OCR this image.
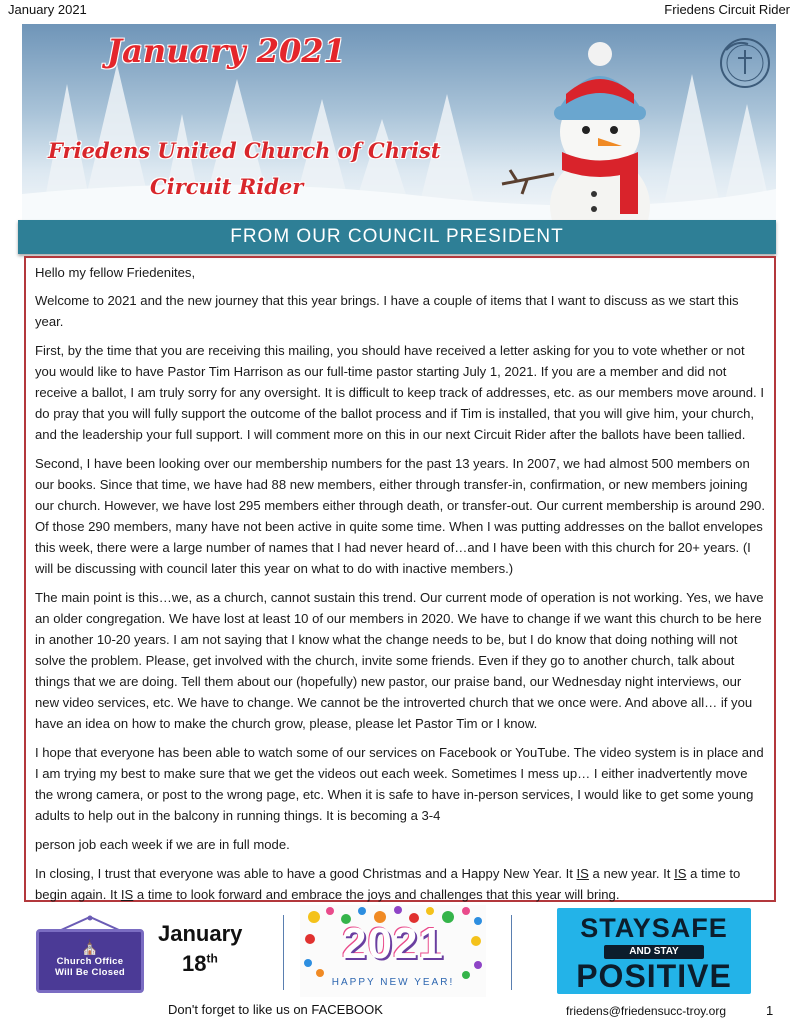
January 2021	Friedens Circuit Rider
January 2021
Friedens United Church of Christ
Circuit Rider
FROM OUR COUNCIL PRESIDENT

Hello my fellow Friedenites,

Welcome to 2021 and the new journey that this year brings. I have a couple of items that I want to discuss as we start this year.

First, by the time that you are receiving this mailing, you should have received a letter asking for you to vote whether or not you would like to have Pastor Tim Harrison as our full-time pastor starting July 1, 2021. If you are a member and did not receive a ballot, I am truly sorry for any oversight. It is difficult to keep track of addresses, etc. as our members move around. I do pray that you will fully support the outcome of the ballot process and if Tim is installed, that you will give him, your church, and the leadership your full support. I will comment more on this in our next Circuit Rider after the ballots have been tallied.

Second, I have been looking over our membership numbers for the past 13 years. In 2007, we had almost 500 members on our books. Since that time, we have had 88 new members, either through transfer-in, confirmation, or new members joining our church. However, we have lost 295 members either through death, or transfer-out. Our current membership is around 290. Of those 290 members, many have not been active in quite some time. When I was putting addresses on the ballot envelopes this week, there were a large number of names that I had never heard of…and I have been with this church for 20+ years. (I will be discussing with council later this year on what to do with inactive members.)

The main point is this…we, as a church, cannot sustain this trend. Our current mode of operation is not working. Yes, we have an older congregation. We have lost at least 10 of our members in 2020. We have to change if we want this church to be here in another 10-20 years. I am not saying that I know what the change needs to be, but I do know that doing nothing will not solve the problem. Please, get involved with the church, invite some friends. Even if they go to another church, talk about things that we are doing. Tell them about our (hopefully) new pastor, our praise band, our Wednesday night interviews, our new video services, etc. We have to change. We cannot be the introverted church that we once were. And above all… if you have an idea on how to make the church grow, please, please let Pastor Tim or I know.

I hope that everyone has been able to watch some of our services on Facebook or YouTube. The video system is in place and I am trying my best to make sure that we get the videos out each week. Sometimes I mess up… I either inadvertently move the wrong camera, or post to the wrong page, etc. When it is safe to have in-person services, I would like to get some young adults to help out in the balcony in running things. It is becoming a 3-4

person job each week if we are in full mode.

In closing, I trust that everyone was able to have a good Christmas and a Happy New Year. It IS a new year. It IS a time to begin again. It IS a time to look forward and embrace the joys and challenges that this year will bring.

⛪
Church Office
Will Be Closed
January
18th	2021
HAPPY NEW YEAR!
STAYSAFE
AND STAY
POSITIVE
Don't forget to like us on FACEBOOK	friedens@friedensucc-troy.org	1
